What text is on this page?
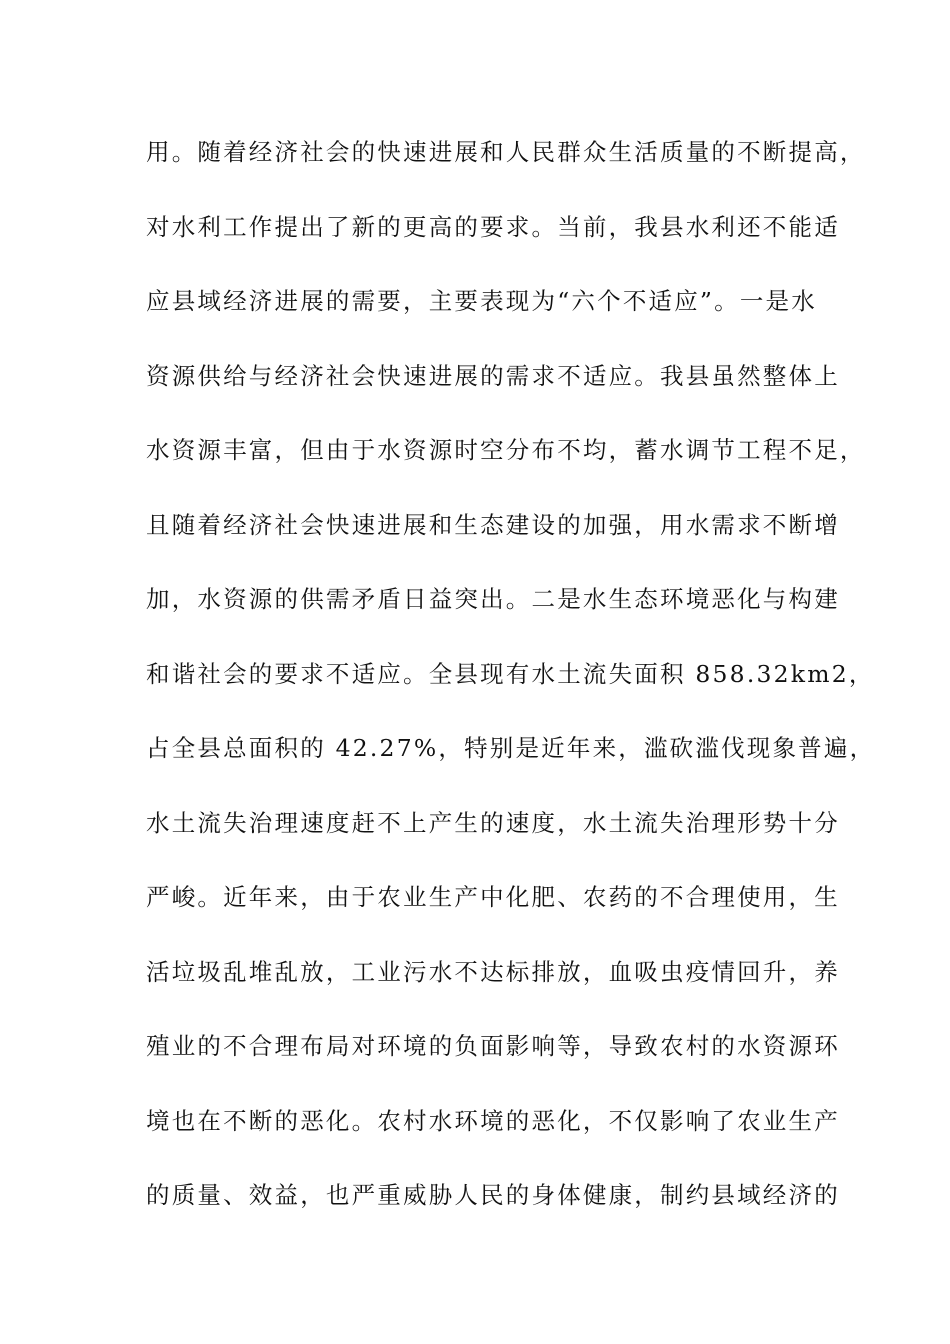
用。随着经济社会的快速进展和人民群众生活质量的不断提高，
对水利工作提出了新的更高的要求。当前，我县水利还不能适
应县域经济进展的需要，主要表现为“六个不适应”。一是水
资源供给与经济社会快速进展的需求不适应。我县虽然整体上
水资源丰富，但由于水资源时空分布不均，蓄水调节工程不足，
且随着经济社会快速进展和生态建设的加强，用水需求不断增
加，水资源的供需矛盾日益突出。二是水生态环境恶化与构建
和谐社会的要求不适应。全县现有水土流失面积 858.32km2，
占全县总面积的 42.27%，特别是近年来，滥砍滥伐现象普遍，
水土流失治理速度赶不上产生的速度，水土流失治理形势十分
严峻。近年来，由于农业生产中化肥、农药的不合理使用，生
活垃圾乱堆乱放，工业污水不达标排放，血吸虫疫情回升，养
殖业的不合理布局对环境的负面影响等，导致农村的水资源环
境也在不断的恶化。农村水环境的恶化，不仅影响了农业生产
的质量、效益，也严重威胁人民的身体健康，制约县域经济的
